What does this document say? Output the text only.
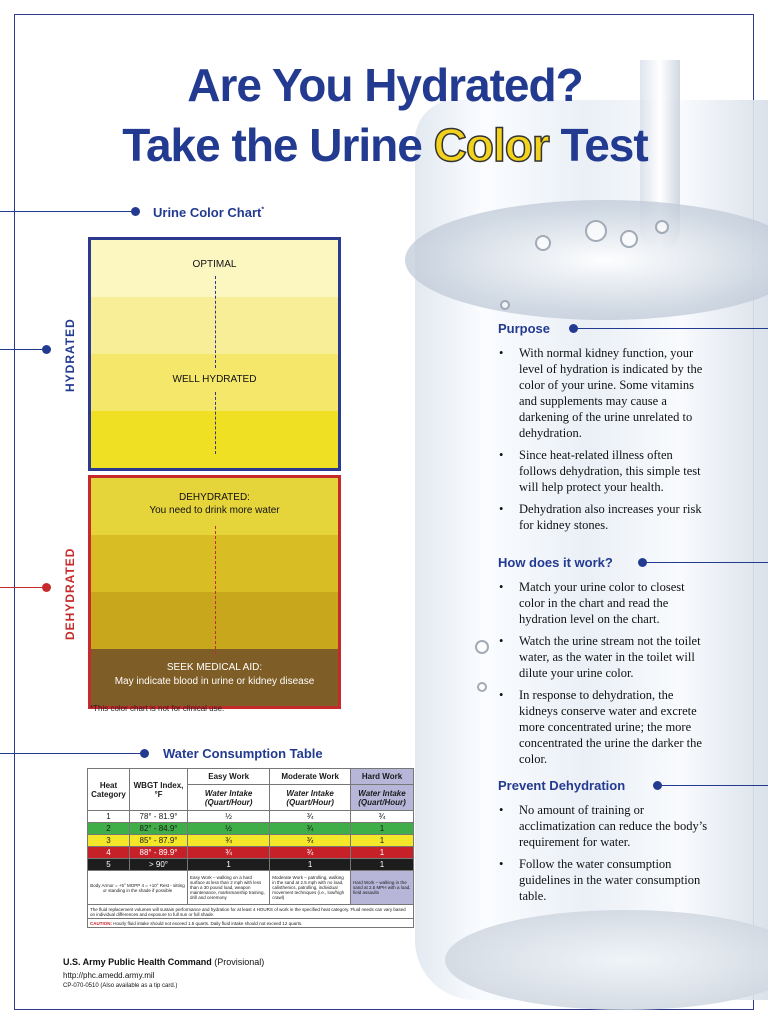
Are You Hydrated?
Take the Urine Color Test
Urine Color Chart*
HYDRATED
OPTIMAL
WELL HYDRATED
DEHYDRATED
DEHYDRATED:
You need to drink more water
SEEK MEDICAL AID:
May indicate blood in urine or kidney disease
*This color chart is not for clinical use.
Water Consumption Table
Heat Category	WBGT Index, °F	Easy Work	Moderate Work	Hard Work
		Water Intake (Quart/Hour)	Water Intake (Quart/Hour)	Water Intake (Quart/Hour)
1	78° - 81.9°	½	¾	¾
2	82° - 84.9°	½	¾	1
3	85° - 87.9°	¾	¾	1
4	88° - 89.9°	¾	¾	1
5	> 90°	1	1	1
Body Armor = +5° MOPP 4 = +10° Rest - sitting or standing in the shade if possible		Easy Work – walking on a hard surface at less than 2 mph with less than a 30 pound load, weapon maintenance, marksmanship training, drill and ceremony	Moderate Work – patrolling, walking in the sand at 2.5 mph with no load, calisthenics, patrolling, individual movement techniques (i.e., low/high crawl)	Hard Work – walking in the sand at 2.5 MPH with a load, field assaults
The fluid replacement volumes will sustain performance and hydration for at least 4 HOURS of work in the specified heat category. Fluid needs can vary based on individual differences and exposure to full sun or full shade.				
CAUTION: Hourly fluid intake should not exceed 1.5 quarts. Daily fluid intake should not exceed 12 quarts.				
Purpose
• With normal kidney function, your level of hydration is indicated by the color of your urine. Some vitamins and supplements may cause a darkening of the urine unrelated to dehydration.
• Since heat-related illness often follows dehydration, this simple test will help protect your health.
• Dehydration also increases your risk for kidney stones.
How does it work?
• Match your urine color to closest color in the chart and read the hydration level on the chart.
• Watch the urine stream not the toilet water, as the water in the toilet will dilute your urine color.
• In response to dehydration, the kidneys conserve water and excrete more concentrated urine; the more concentrated the urine the darker the color.
Prevent Dehydration
• No amount of training or acclimatization can reduce the body’s requirement for water.
• Follow the water consumption guidelines in the water consumption table.
U.S. Army Public Health Command (Provisional)
http://phc.amedd.army.mil
CP-070-0510 (Also available as a tip card.)
